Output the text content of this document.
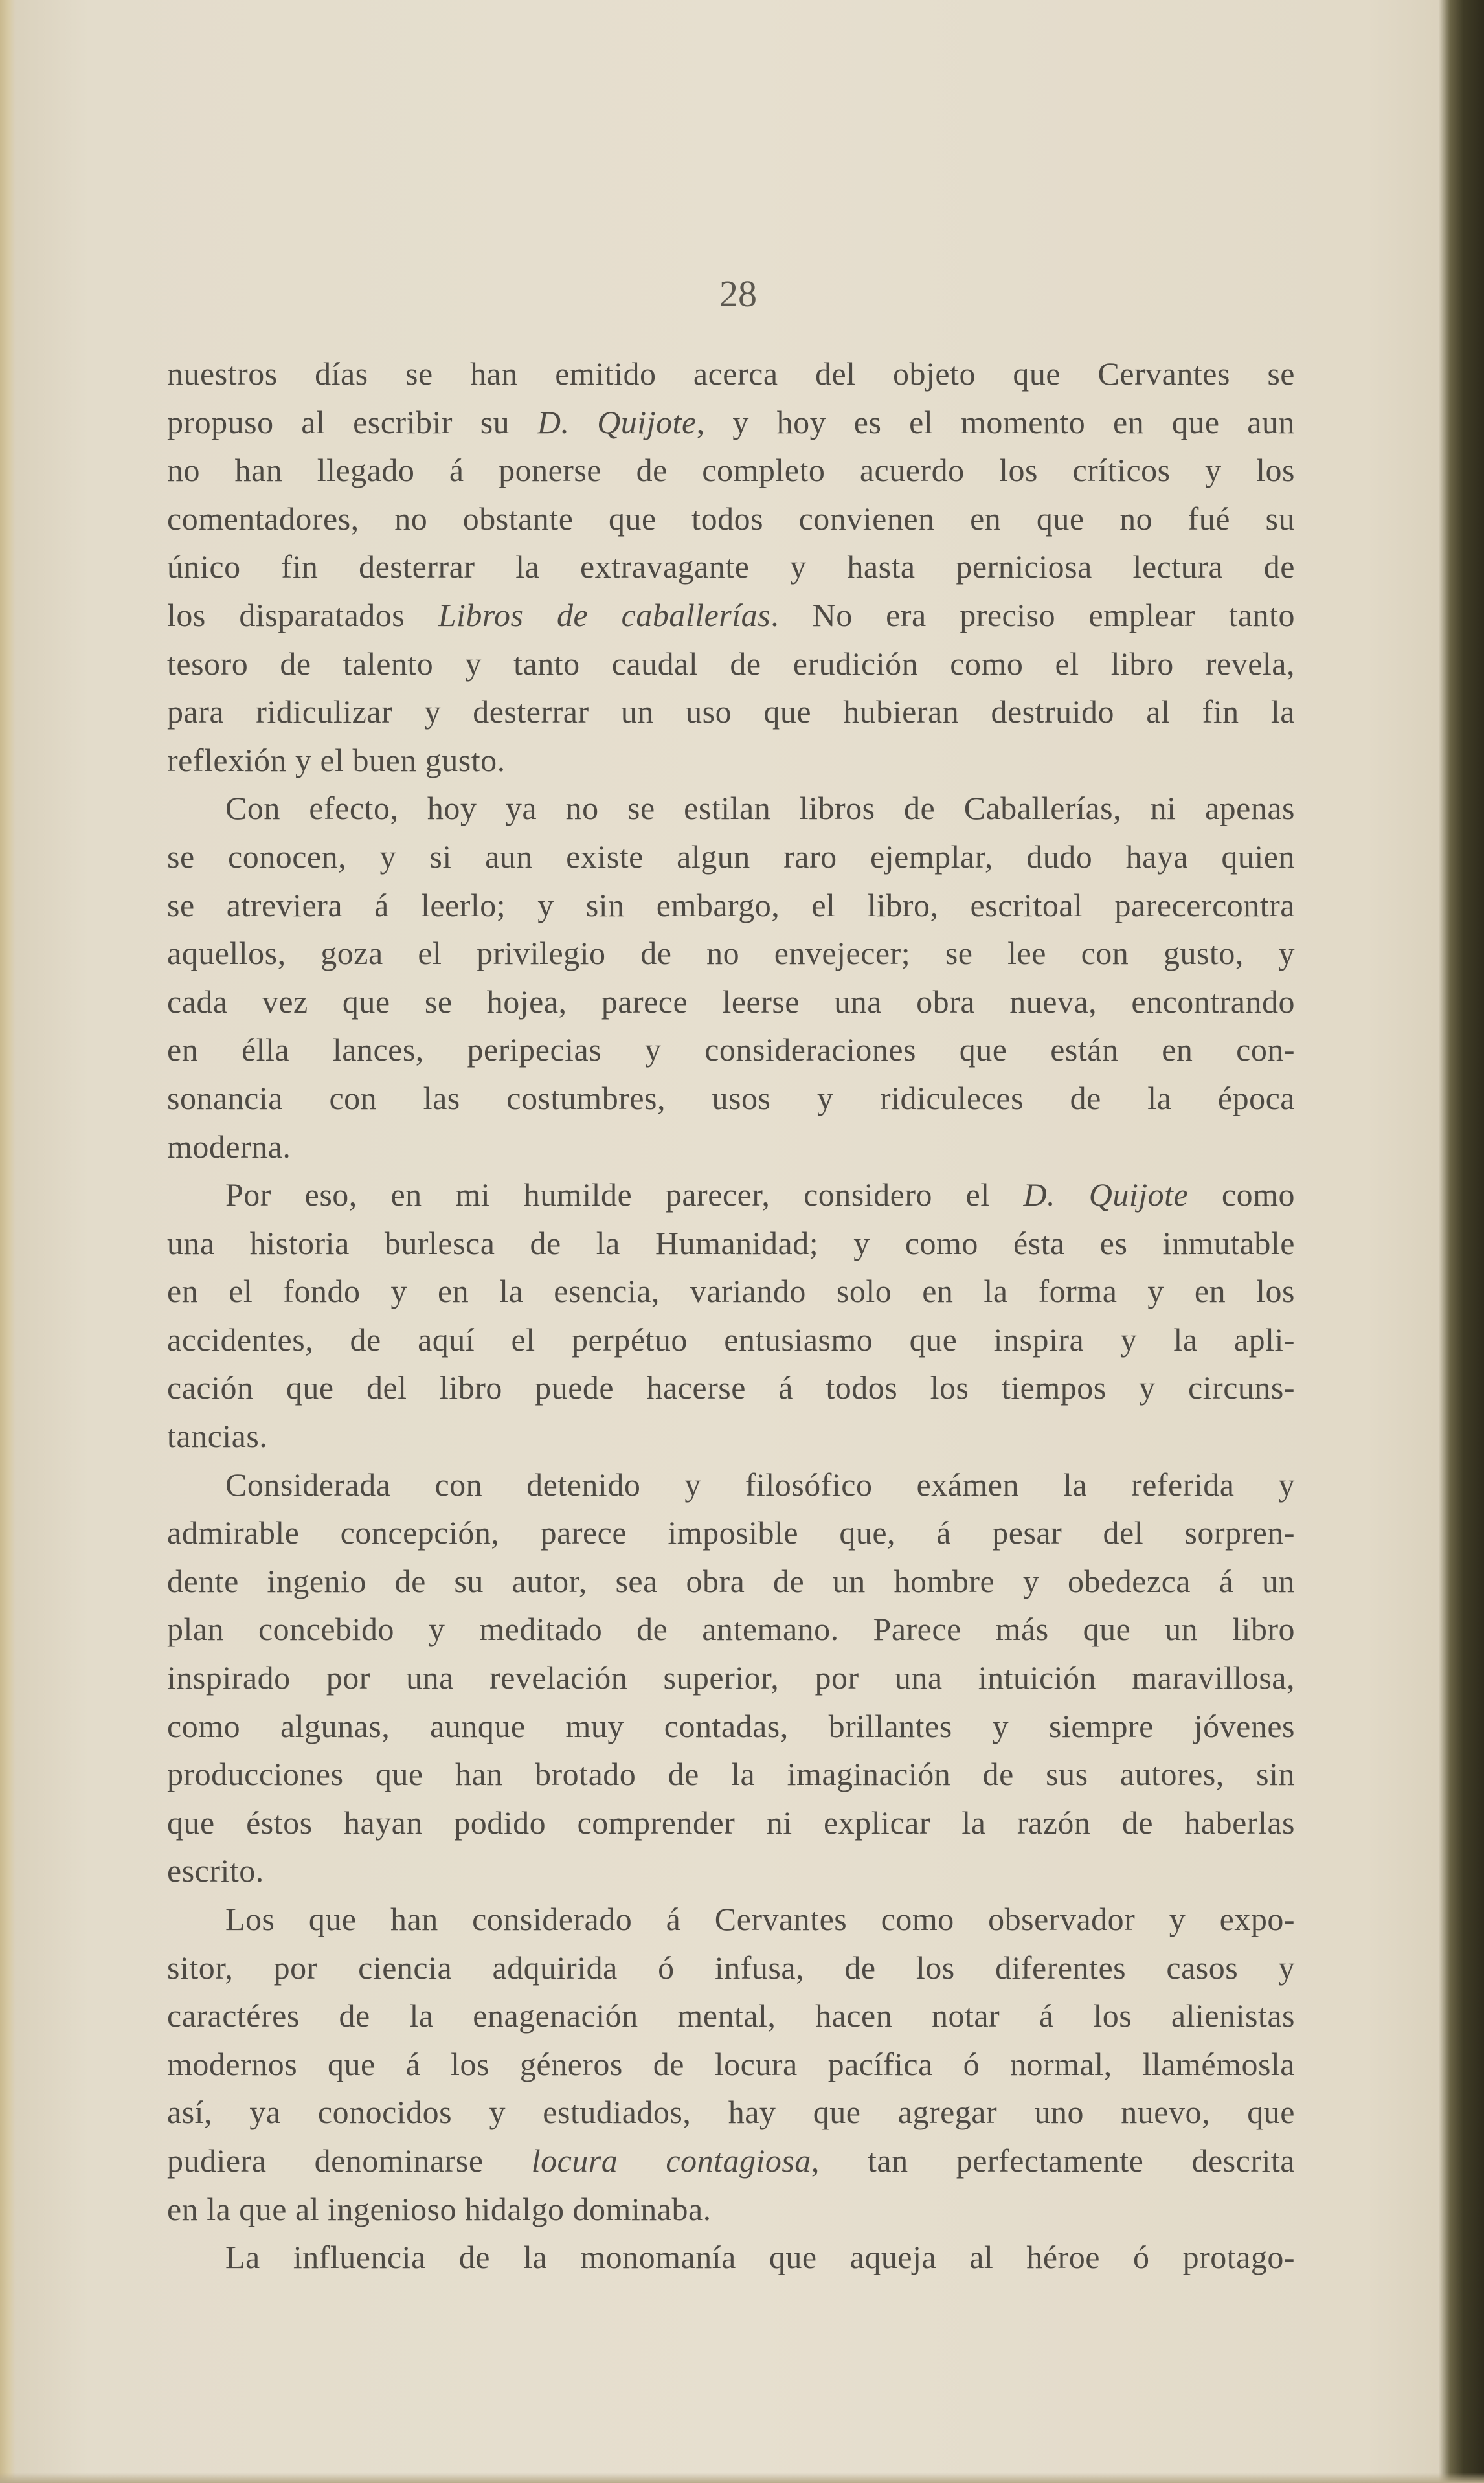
28
nuestros días se han emitido acerca del objeto que Cervantes se
propuso al escribir su D. Quijote, y hoy es el momento en que aun
no han llegado á ponerse de completo acuerdo los críticos y los
comentadores, no obstante que todos convienen en que no fué su
único fin desterrar la extravagante y hasta perniciosa lectura de
los disparatados Libros de caballerías. No era preciso emplear tanto
tesoro de talento y tanto caudal de erudición como el libro revela,
para ridiculizar y desterrar un uso que hubieran destruido al fin la
reflexión y el buen gusto.
Con efecto, hoy ya no se estilan libros de Caballerías, ni apenas
se conocen, y si aun existe algun raro ejemplar, dudo haya quien
se atreviera á leerlo; y sin embargo, el libro, escritoal parecercontra
aquellos, goza el privilegio de no envejecer; se lee con gusto, y
cada vez que se hojea, parece leerse una obra nueva, encontrando
en élla lances, peripecias y consideraciones que están en con-
sonancia con las costumbres, usos y ridiculeces de la época
moderna.
Por eso, en mi humilde parecer, considero el D. Quijote como
una historia burlesca de la Humanidad; y como ésta es inmutable
en el fondo y en la esencia, variando solo en la forma y en los
accidentes, de aquí el perpétuo entusiasmo que inspira y la apli-
cación que del libro puede hacerse á todos los tiempos y circuns-
tancias.
Considerada con detenido y filosófico exámen la referida y
admirable concepción, parece imposible que, á pesar del sorpren-
dente ingenio de su autor, sea obra de un hombre y obedezca á un
plan concebido y meditado de antemano. Parece más que un libro
inspirado por una revelación superior, por una intuición maravillosa,
como algunas, aunque muy contadas, brillantes y siempre jóvenes
producciones que han brotado de la imaginación de sus autores, sin
que éstos hayan podido comprender ni explicar la razón de haberlas
escrito.
Los que han considerado á Cervantes como observador y expo-
sitor, por ciencia adquirida ó infusa, de los diferentes casos y
caractéres de la enagenación mental, hacen notar á los alienistas
modernos que á los géneros de locura pacífica ó normal, llamémosla
así, ya conocidos y estudiados, hay que agregar uno nuevo, que
pudiera denominarse locura contagiosa, tan perfectamente descrita
en la que al ingenioso hidalgo dominaba.
La influencia de la monomanía que aqueja al héroe ó protago-
